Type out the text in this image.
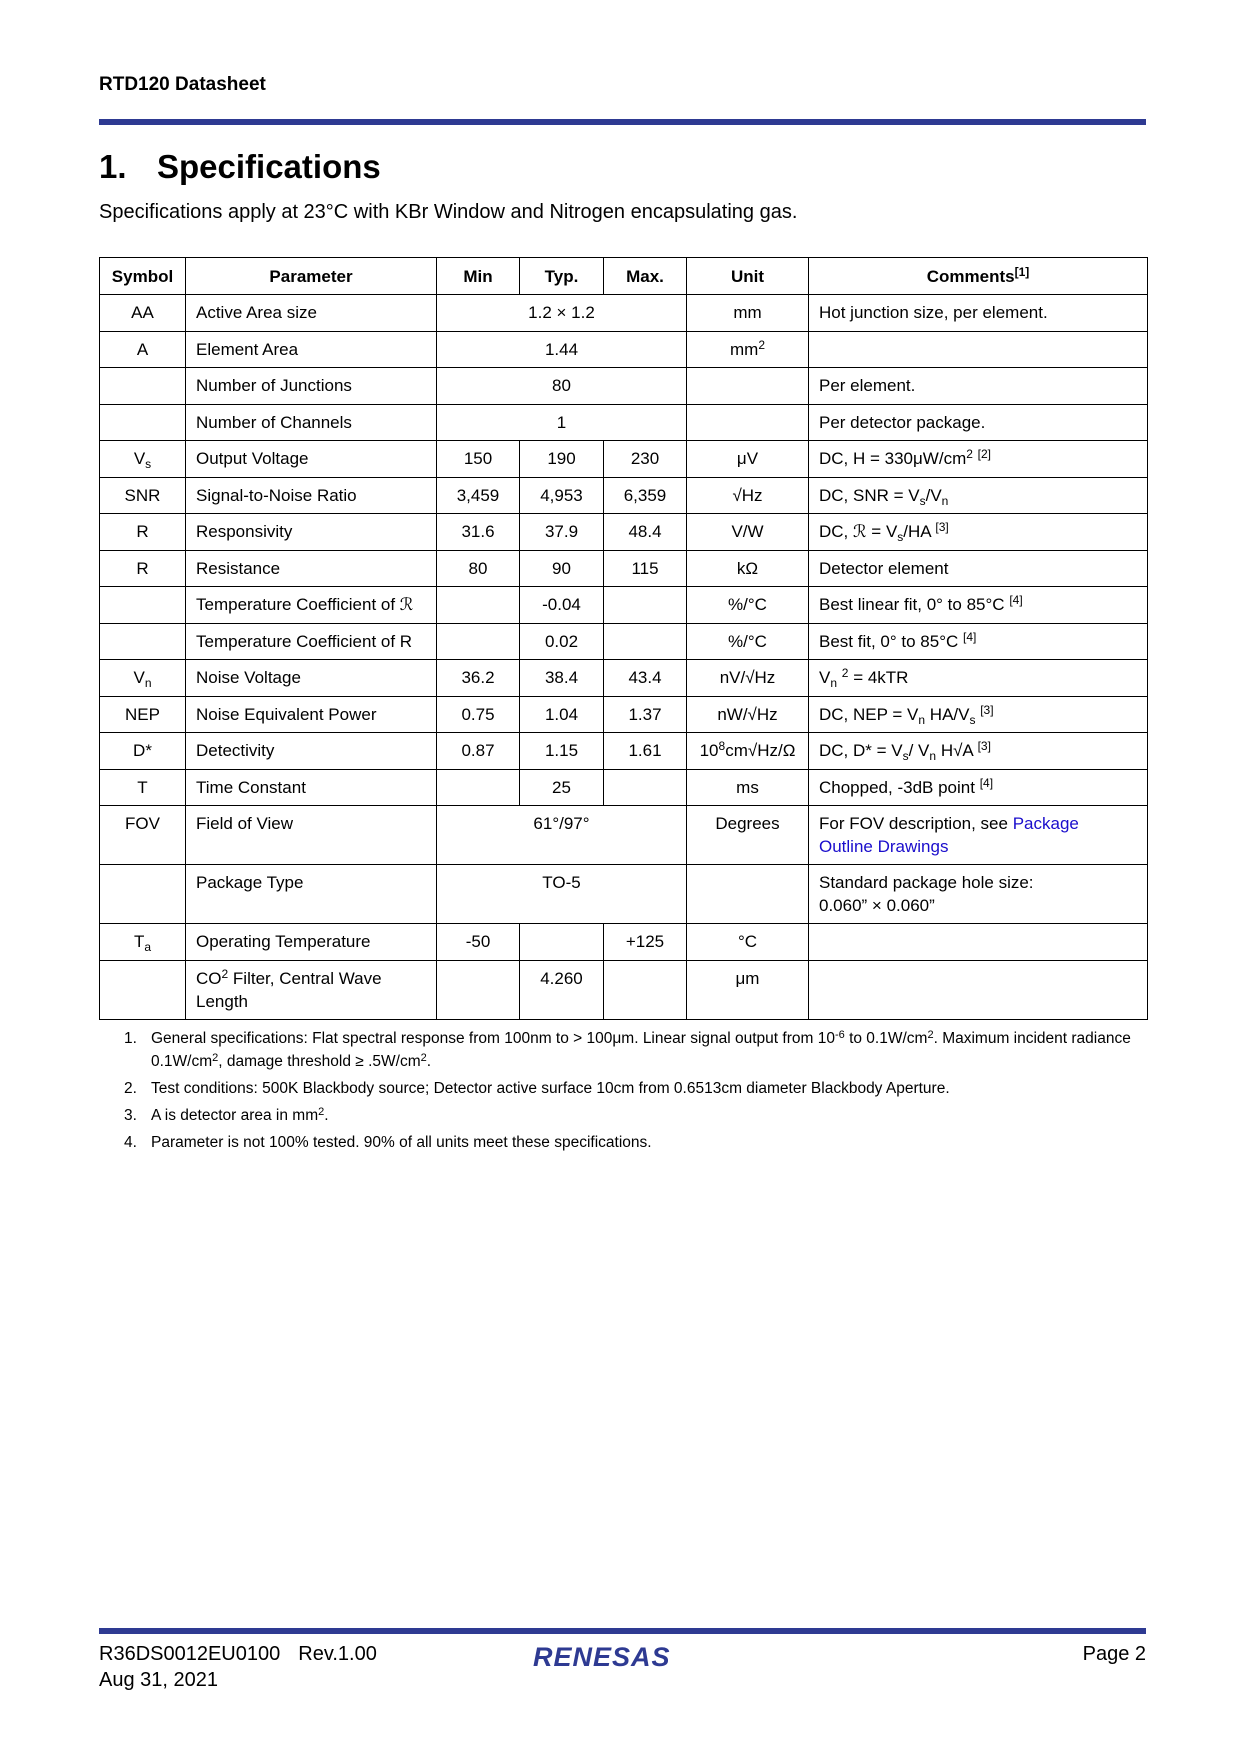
RTD120 Datasheet
1. Specifications
Specifications apply at 23°C with KBr Window and Nitrogen encapsulating gas.
Symbol	Parameter	Min	Typ.	Max.	Unit	Comments[1]
AA	Active Area size	1.2 × 1.2			mm	Hot junction size, per element.
A	Element Area	1.44			$mm^2$	
	Number of Junctions	80				Per element.
	Number of Channels	1				Per detector package.
$V_s$	Output Voltage	150	190	230	μV	DC, $H = 330\mu W/cm^2$ [2]
SNR	Signal-to-Noise Ratio	3,459	4,953	6,359	√Hz	DC, SNR = $V_s/V_n$
R	Responsivity	31.6	37.9	48.4	V/W	DC, ℛ = $V_s/HA$ [3]
R	Resistance	80	90	115	kΩ	Detector element
	Temperature Coefficient of ℛ		-0.04		%/°C	Best linear fit, 0° to 85°C [4]
	Temperature Coefficient of R		0.02		%/°C	Best fit, 0° to 85°C [4]
$V_n$	Noise Voltage	36.2	38.4	43.4	nV/√Hz	$V_n$ $^2$ = 4kTR
NEP	Noise Equivalent Power	0.75	1.04	1.37	nW/√Hz	DC, NEP = $V_n$ $HA/V_s$ [3]
D*	Detectivity	0.87	1.15	1.61	$10^8cm√Hz/\Omega$	DC, $D* = V_s/$ $V_n$ H√A [3]
T	Time Constant		25		ms	Chopped, -3dB point [4]
FOV	Field of View	61°/97°			Degrees	For FOV description, see Package Outline Drawings
	Package Type	TO-5				Standard package hole size:
0.060” × 0.060”
$T_a$	Operating Temperature	-50		+125	°C	
	$CO^2$ Filter, Central Wave Length		4.260		μm	
1. General specifications: Flat spectral response from 100nm to > 100μm. Linear signal output from $10^{-6}$ to $0.1W/cm^2$. Maximum incident radiance $0.1W/cm^2$, damage threshold ≥ $.5W/cm^2$.
2. Test conditions: 500K Blackbody source; Detector active surface 10cm from 0.6513cm diameter Blackbody Aperture.
3. A is detector area in $mm^2$.
4. Parameter is not 100% tested. 90% of all units meet these specifications.
R36DS0012EU0100 Rev.1.00
Aug 31, 2021
RENESAS	Page 2
